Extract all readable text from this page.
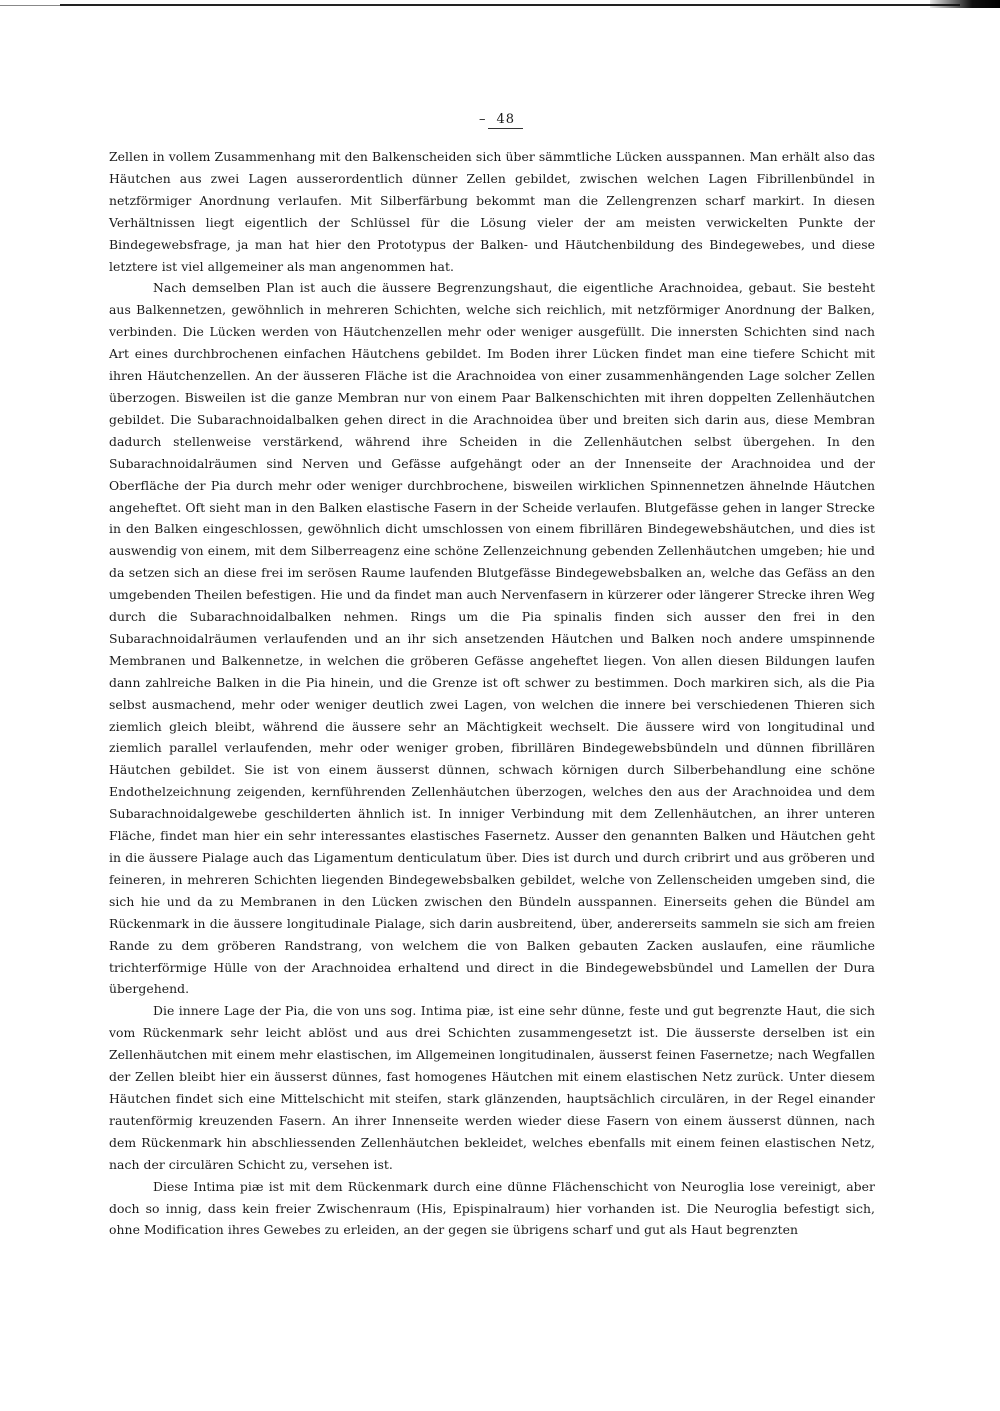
– 48

Zellen in vollem Zusammenhang mit den Balkenscheiden sich über sämmtliche Lücken ausspannen. Man erhält also das Häutchen aus zwei Lagen ausserordentlich dünner Zellen gebildet, zwischen welchen Lagen Fibrillenbündel in netzförmiger Anordnung verlaufen. Mit Silberfärbung bekommt man die Zellengrenzen scharf markirt. In diesen Verhältnissen liegt eigentlich der Schlüssel für die Lösung vieler der am meisten verwickelten Punkte der Bindegewebsfrage, ja man hat hier den Prototypus der Balken- und Häutchenbildung des Bindegewebes, und diese letztere ist viel allgemeiner als man angenommen hat.

Nach demselben Plan ist auch die äussere Begrenzungshaut, die eigentliche Arachnoidea, gebaut. Sie besteht aus Balkennetzen, gewöhnlich in mehreren Schichten, welche sich reichlich, mit netzförmiger Anordnung der Balken, verbinden. Die Lücken werden von Häutchenzellen mehr oder weniger ausgefüllt. Die innersten Schichten sind nach Art eines durchbrochenen einfachen Häutchens gebildet. Im Boden ihrer Lücken findet man eine tiefere Schicht mit ihren Häutchenzellen. An der äusseren Fläche ist die Arachnoidea von einer zusammenhängenden Lage solcher Zellen überzogen. Bisweilen ist die ganze Membran nur von einem Paar Balkenschichten mit ihren doppelten Zellenhäutchen gebildet. Die Subarachnoidalbalken gehen direct in die Arachnoidea über und breiten sich darin aus, diese Membran dadurch stellenweise verstärkend, während ihre Scheiden in die Zellenhäutchen selbst übergehen. In den Subarachnoidalräumen sind Nerven und Gefässe aufgehängt oder an der Innenseite der Arachnoidea und der Oberfläche der Pia durch mehr oder weniger durchbrochene, bisweilen wirklichen Spinnennetzen ähnelnde Häutchen angeheftet. Oft sieht man in den Balken elastische Fasern in der Scheide verlaufen. Blutgefässe gehen in langer Strecke in den Balken eingeschlossen, gewöhnlich dicht umschlossen von einem fibrillären Bindegewebshäutchen, und dies ist auswendig von einem, mit dem Silberreagenz eine schöne Zellenzeichnung gebenden Zellenhäutchen umgeben; hie und da setzen sich an diese frei im serösen Raume laufenden Blutgefässe Bindegewebsbalken an, welche das Gefäss an den umgebenden Theilen befestigen. Hie und da findet man auch Nervenfasern in kürzerer oder längerer Strecke ihren Weg durch die Subarachnoidalbalken nehmen. Rings um die Pia spinalis finden sich ausser den frei in den Subarachnoidalräumen verlaufenden und an ihr sich ansetzenden Häutchen und Balken noch andere umspinnende Membranen und Balkennetze, in welchen die gröberen Gefässe angeheftet liegen. Von allen diesen Bildungen laufen dann zahlreiche Balken in die Pia hinein, und die Grenze ist oft schwer zu bestimmen. Doch markiren sich, als die Pia selbst ausmachend, mehr oder weniger deutlich zwei Lagen, von welchen die innere bei verschiedenen Thieren sich ziemlich gleich bleibt, während die äussere sehr an Mächtigkeit wechselt. Die äussere wird von longitudinal und ziemlich parallel verlaufenden, mehr oder weniger groben, fibrillären Bindegewebsbündeln und dünnen fibrillären Häutchen gebildet. Sie ist von einem äusserst dünnen, schwach körnigen durch Silberbehandlung eine schöne Endothelzeichnung zeigenden, kernführenden Zellenhäutchen überzogen, welches den aus der Arachnoidea und dem Subarachnoidalgewebe geschilderten ähnlich ist. In inniger Verbindung mit dem Zellenhäutchen, an ihrer unteren Fläche, findet man hier ein sehr interessantes elastisches Fasernetz. Ausser den genannten Balken und Häutchen geht in die äussere Pialage auch das Ligamentum denticulatum über. Dies ist durch und durch cribrirt und aus gröberen und feineren, in mehreren Schichten liegenden Bindegewebsbalken gebildet, welche von Zellenscheiden umgeben sind, die sich hie und da zu Membranen in den Lücken zwischen den Bündeln ausspannen. Einerseits gehen die Bündel am Rückenmark in die äussere longitudinale Pialage, sich darin ausbreitend, über, andererseits sammeln sie sich am freien Rande zu dem gröberen Randstrang, von welchem die von Balken gebauten Zacken auslaufen, eine räumliche trichterförmige Hülle von der Arachnoidea erhaltend und direct in die Bindegewebsbündel und Lamellen der Dura übergehend.

Die innere Lage der Pia, die von uns sog. Intima piæ, ist eine sehr dünne, feste und gut begrenzte Haut, die sich vom Rückenmark sehr leicht ablöst und aus drei Schichten zusammengesetzt ist. Die äusserste derselben ist ein Zellenhäutchen mit einem mehr elastischen, im Allgemeinen longitudinalen, äusserst feinen Fasernetze; nach Wegfallen der Zellen bleibt hier ein äusserst dünnes, fast homogenes Häutchen mit einem elastischen Netz zurück. Unter diesem Häutchen findet sich eine Mittelschicht mit steifen, stark glänzenden, hauptsächlich circulären, in der Regel einander rautenförmig kreuzenden Fasern. An ihrer Innenseite werden wieder diese Fasern von einem äusserst dünnen, nach dem Rückenmark hin abschliessenden Zellenhäutchen bekleidet, welches ebenfalls mit einem feinen elastischen Netz, nach der circulären Schicht zu, versehen ist.

Diese Intima piæ ist mit dem Rückenmark durch eine dünne Flächenschicht von Neuroglia lose vereinigt, aber doch so innig, dass kein freier Zwischenraum (His, Epispinalraum) hier vorhanden ist. Die Neuroglia befestigt sich, ohne Modification ihres Gewebes zu erleiden, an der gegen sie übrigens scharf und gut als Haut begrenzten
